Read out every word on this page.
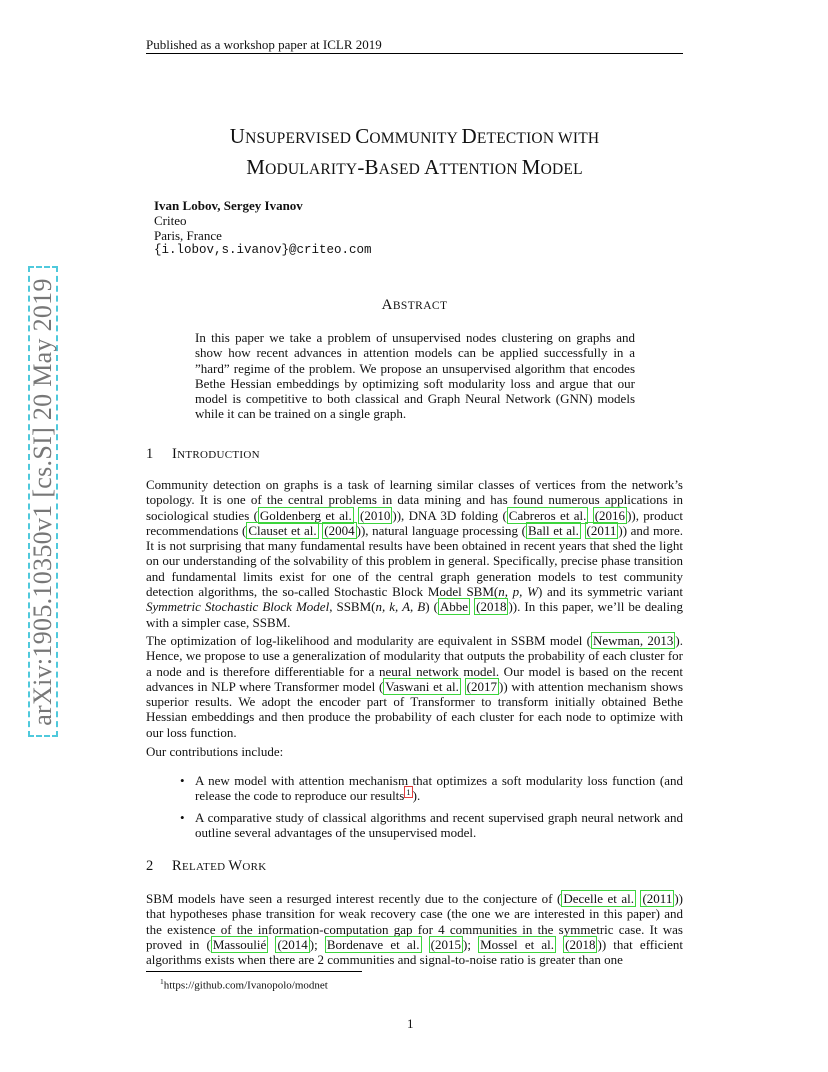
Published as a workshop paper at ICLR 2019
UNSUPERVISED COMMUNITY DETECTION WITH
MODULARITY-BASED ATTENTION MODEL
Ivan Lobov, Sergey Ivanov
Criteo
Paris, France
{i.lobov,s.ivanov}@criteo.com
ABSTRACT
In this paper we take a problem of unsupervised nodes clustering on graphs and show how recent advances in attention models can be applied successfully in a ”hard” regime of the problem. We propose an unsupervised algorithm that encodes Bethe Hessian embeddings by optimizing soft modularity loss and argue that our model is competitive to both classical and Graph Neural Network (GNN) models while it can be trained on a single graph.
1 INTRODUCTION
Community detection on graphs is a task of learning similar classes of vertices from the network’s topology. It is one of the central problems in data mining and has found numerous applications in sociological studies ( Goldenberg et al. (2010 )), DNA 3D folding ( Cabreros et al. (2016 )), product recommendations ( Clauset et al. (2004 )), natural language processing ( Ball et al. (2011 )) and more. It is not surprising that many fundamental results have been obtained in recent years that shed the light on our understanding of the solvability of this problem in general. Specifically, precise phase transition and fundamental limits exist for one of the central graph generation models to test community detection algorithms, the so-called Stochastic Block Model SBM(n, p, W) and its symmetric variant Symmetric Stochastic Block Model, SSBM(n, k, A, B) ( Abbe (2018 )). In this paper, we’ll be dealing with a simpler case, SSBM.
The optimization of log-likelihood and modularity are equivalent in SSBM model ( Newman, 2013 ). Hence, we propose to use a generalization of modularity that outputs the probability of each cluster for a node and is therefore differentiable for a neural network model. Our model is based on the recent advances in NLP where Transformer model ( Vaswani et al. (2017 )) with attention mechanism shows superior results. We adopt the encoder part of Transformer to transform initially obtained Bethe Hessian embeddings and then produce the probability of each cluster for each node to optimize with our loss function.
Our contributions include:
• A new model with attention mechanism that optimizes a soft modularity loss function (and release the code to reproduce our results $^1$ ).
• A comparative study of classical algorithms and recent supervised graph neural network and outline several advantages of the unsupervised model.
2 RELATED WORK
SBM models have seen a resurged interest recently due to the conjecture of ( Decelle et al. (2011 )) that hypotheses phase transition for weak recovery case (the one we are interested in this paper) and the existence of the information-computation gap for 4 communities in the symmetric case. It was proved in ( Massoulié (2014 ); Bordenave et al. (2015 ); Mossel et al. (2018 )) that efficient algorithms exists when there are 2 communities and signal-to-noise ratio is greater than one
$^1$https://github.com/Ivanopolo/modnet
1
arXiv:1905.10350v1 [cs.SI] 20 May 2019
